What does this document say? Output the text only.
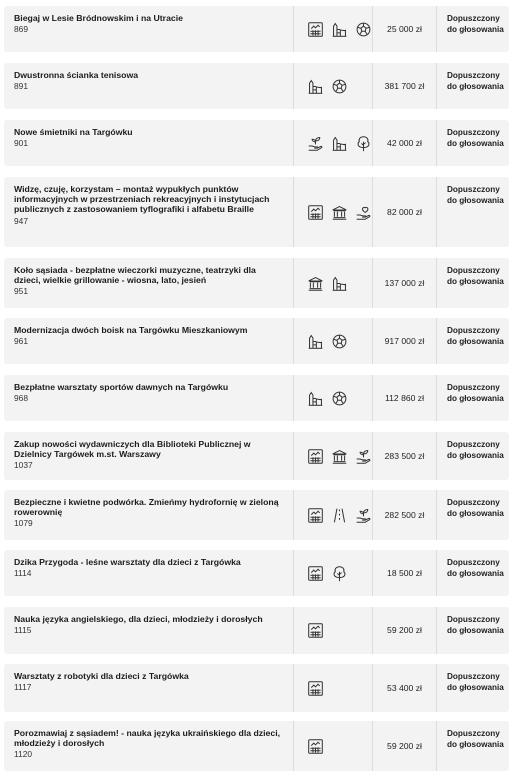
Biegaj w Lesie Bródnowskim i na Utracie
869	25 000 zł
Dopuszczony do głosowania
Dwustronna ścianka tenisowa
891	381 700 zł
Dopuszczony do głosowania
Nowe śmietniki na Targówku
901	42 000 zł
Dopuszczony do głosowania
Widzę, czuję, korzystam – montaż wypukłych punktów informacyjnych w przestrzeniach rekreacyjnych i instytucjach publicznych z zastosowaniem tyflografiki i alfabetu Braille
947
82 000 zł
Dopuszczony do głosowania
Koło sąsiada - bezpłatne wieczorki muzyczne, teatrzyki dla dzieci, wielkie grillowanie - wiosna, lato, jesień
951
137 000 zł
Dopuszczony do głosowania
Modernizacja dwóch boisk na Targówku Mieszkaniowym
961	917 000 zł
Dopuszczony do głosowania
Bezpłatne warsztaty sportów dawnych na Targówku
968	112 860 zł
Dopuszczony do głosowania
Zakup nowości wydawniczych dla Biblioteki Publicznej w Dzielnicy Targówek m.st. Warszawy
1037
283 500 zł
Dopuszczony do głosowania
Bezpieczne i kwietne podwórka. Zmieńmy hydrofornię w zieloną rowerownię
1079
282 500 zł
Dopuszczony do głosowania
Dzika Przygoda - leśne warsztaty dla dzieci z Targówka
1114	18 500 zł
Dopuszczony do głosowania
Nauka języka angielskiego, dla dzieci, młodzieży i dorosłych
1115	59 200 zł
Dopuszczony do głosowania
Warsztaty z robotyki dla dzieci z Targówka
1117	53 400 zł
Dopuszczony do głosowania
Porozmawiaj z sąsiadem! - nauka języka ukraińskiego dla dzieci, młodzieży i dorosłych
1120
59 200 zł
Dopuszczony do głosowania
